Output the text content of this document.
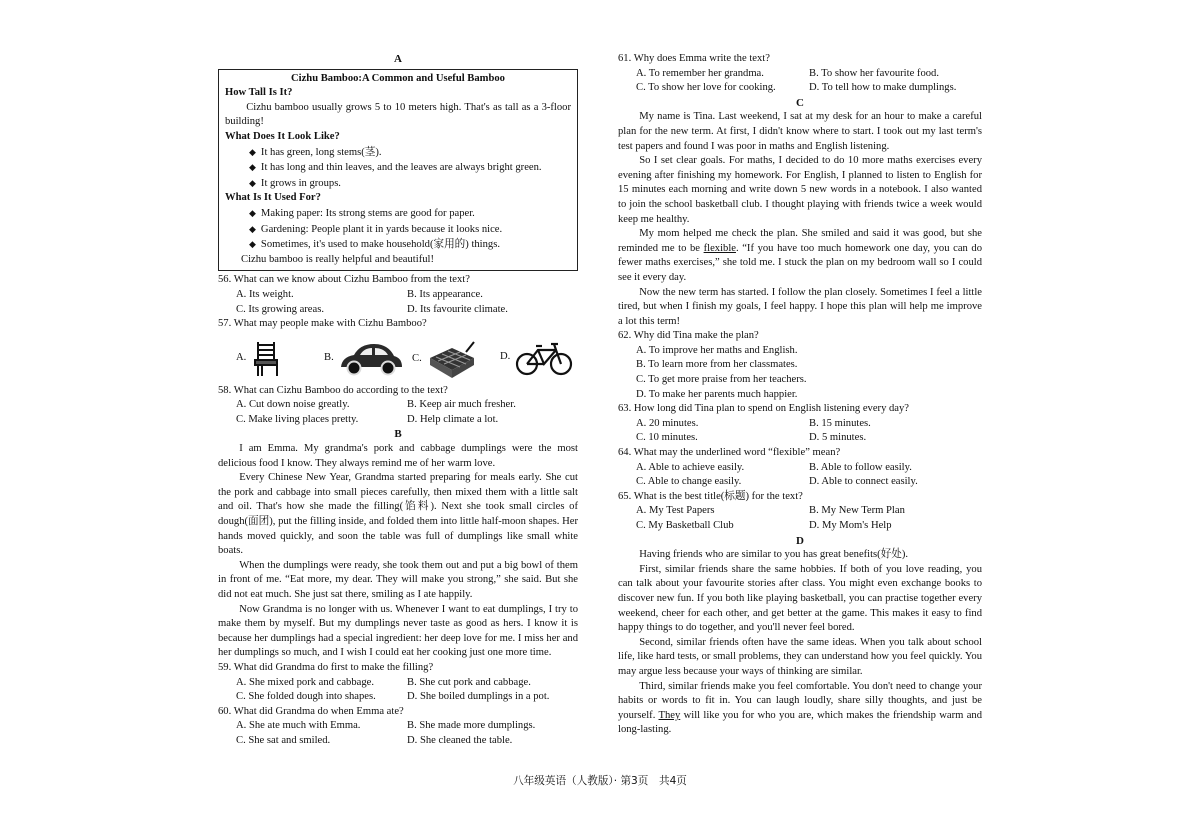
A

Cizhu Bamboo:A Common and Useful Bamboo

How Tall Is It?

Cizhu bamboo usually grows 5 to 10 meters high. That's as tall as a 3-floor building!

What Does It Look Like?

◆ It has green, long stems(茎).

◆ It has long and thin leaves, and the leaves are always bright green.

◆ It grows in groups.

What Is It Used For?

◆ Making paper: Its strong stems are good for paper.

◆ Gardening: People plant it in yards because it looks nice.

◆ Sometimes, it's used to make household(家用的) things.

Cizhu bamboo is really helpful and beautiful!

56. What can we know about Cizhu Bamboo from the text?

A. Its weight.	B. Its appearance.
C. Its growing areas.	D. Its favourite climate.

57. What may people make with Cizhu Bamboo?

A.	B.	C.	D.

58. What can Cizhu Bamboo do according to the text?

A. Cut down noise greatly.	B. Keep air much fresher.
C. Make living places pretty.	D. Help climate a lot.

B

I am Emma. My grandma's pork and cabbage dumplings were the most delicious food I know. They always remind me of her warm love.

Every Chinese New Year, Grandma started preparing for meals early. She cut the pork and cabbage into small pieces carefully, then mixed them with a little salt and oil. That's how she made the filling(馅料). Next she took small circles of dough(面团), put the filling inside, and folded them into little half-moon shapes. Her hands moved quickly, and soon the table was full of dumplings like small white boats.

When the dumplings were ready, she took them out and put a big bowl of them in front of me. “Eat more, my dear. They will make you strong,” she said. But she did not eat much. She just sat there, smiling as I ate happily.

Now Grandma is no longer with us. Whenever I want to eat dumplings, I try to make them by myself. But my dumplings never taste as good as hers. I know it is because her dumplings had a special ingredient: her deep love for me. I miss her and her dumplings so much, and I wish I could eat her cooking just one more time.

59. What did Grandma do first to make the filling?

A. She mixed pork and cabbage.	B. She cut pork and cabbage.
C. She folded dough into shapes.	D. She boiled dumplings in a pot.

60. What did Grandma do when Emma ate?

A. She ate much with Emma.	B. She made more dumplings.
C. She sat and smiled.	D. She cleaned the table.

61. Why does Emma write the text?

A. To remember her grandma.	B. To show her favourite food.
C. To show her love for cooking.	D. To tell how to make dumplings.

C

My name is Tina. Last weekend, I sat at my desk for an hour to make a careful plan for the new term. At first, I didn't know where to start. I took out my last term's test papers and found I was poor in maths and English listening.

So I set clear goals. For maths, I decided to do 10 more maths exercises every evening after finishing my homework. For English, I planned to listen to English for 15 minutes each morning and write down 5 new words in a notebook. I also wanted to join the school basketball club. I thought playing with friends twice a week would keep me healthy.

My mom helped me check the plan. She smiled and said it was good, but she reminded me to be flexible. “If you have too much homework one day, you can do fewer maths exercises,” she told me. I stuck the plan on my bedroom wall so I could see it every day.

Now the new term has started. I follow the plan closely. Sometimes I feel a little tired, but when I finish my goals, I feel happy. I hope this plan will help me improve a lot this term!

62. Why did Tina make the plan?

A. To improve her maths and English.
B. To learn more from her classmates.
C. To get more praise from her teachers.
D. To make her parents much happier.

63. How long did Tina plan to spend on English listening every day?

A. 20 minutes.	B. 15 minutes.
C. 10 minutes.	D. 5 minutes.

64. What may the underlined word “flexible” mean?

A. Able to achieve easily.	B. Able to follow easily.
C. Able to change easily.	D. Able to connect easily.

65. What is the best title(标题) for the text?

A. My Test Papers	B. My New Term Plan
C. My Basketball Club	D. My Mom's Help

D

Having friends who are similar to you has great benefits(好处).

First, similar friends share the same hobbies. If both of you love reading, you can talk about your favourite stories after class. You might even exchange books to discover new fun. If you both like playing basketball, you can practise together every weekend, cheer for each other, and get better at the game. This makes it easy to find happy things to do together, and you'll never feel bored.

Second, similar friends often have the same ideas. When you talk about school life, like hard tests, or small problems, they can understand how you feel quickly. You may argue less because your ways of thinking are similar.

Third, similar friends make you feel comfortable. You don't need to change your habits or words to fit in. You can laugh loudly, share silly thoughts, and just be yourself. They will like you for who you are, which makes the friendship warm and long-lasting.

八年级英语（人教版）· 第3页　共4页
